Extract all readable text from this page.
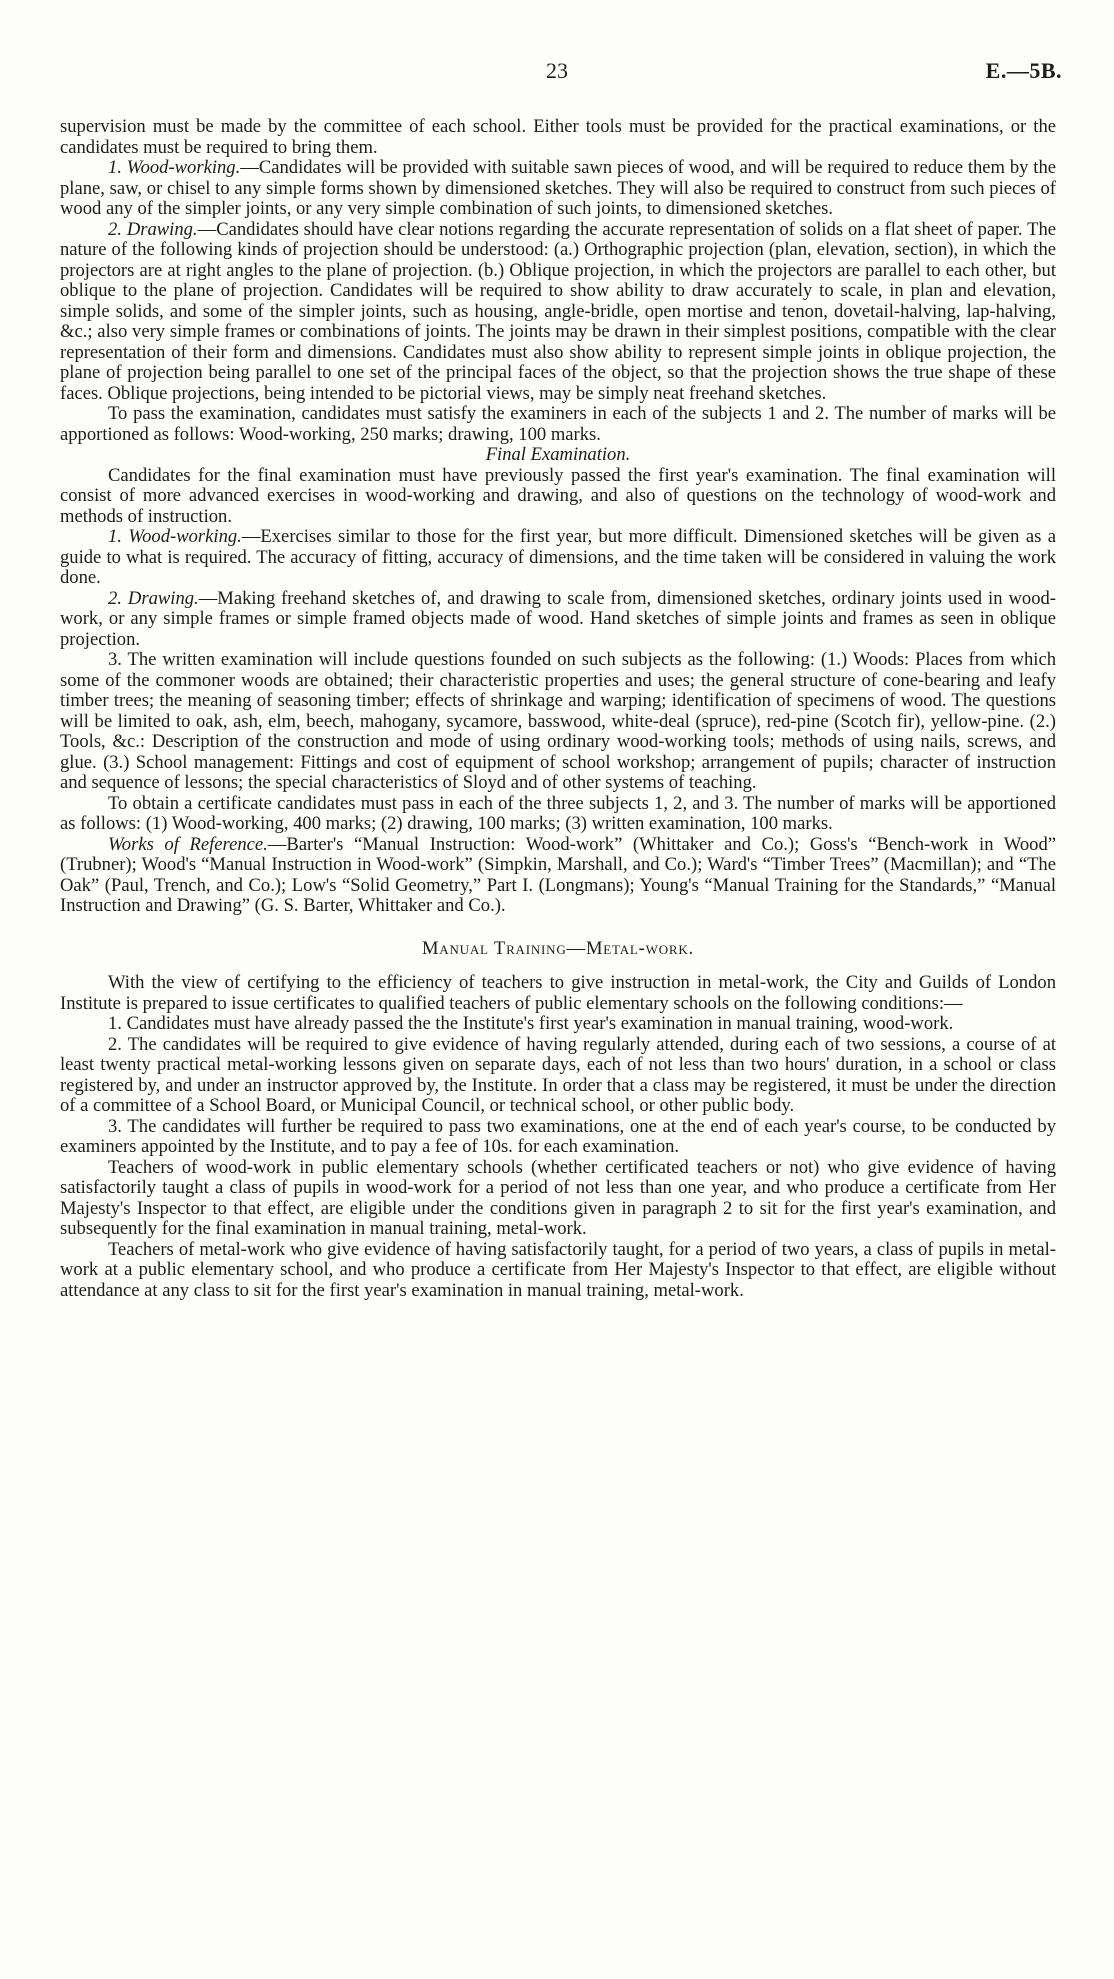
23	E.—5B.

supervision must be made by the committee of each school. Either tools must be provided for the practical examinations, or the candidates must be required to bring them.

1. Wood-working.—Candidates will be provided with suitable sawn pieces of wood, and will be required to reduce them by the plane, saw, or chisel to any simple forms shown by dimensioned sketches. They will also be required to construct from such pieces of wood any of the simpler joints, or any very simple combination of such joints, to dimensioned sketches.

2. Drawing.—Candidates should have clear notions regarding the accurate representation of solids on a flat sheet of paper. The nature of the following kinds of projection should be understood: (a.) Orthographic projection (plan, elevation, section), in which the projectors are at right angles to the plane of projection. (b.) Oblique projection, in which the projectors are parallel to each other, but oblique to the plane of projection. Candidates will be required to show ability to draw accurately to scale, in plan and elevation, simple solids, and some of the simpler joints, such as housing, angle-bridle, open mortise and tenon, dovetail-halving, lap-halving, &c.; also very simple frames or combinations of joints. The joints may be drawn in their simplest positions, compatible with the clear representation of their form and dimensions. Candidates must also show ability to represent simple joints in oblique projection, the plane of projection being parallel to one set of the principal faces of the object, so that the projection shows the true shape of these faces. Oblique projections, being intended to be pictorial views, may be simply neat freehand sketches.

To pass the examination, candidates must satisfy the examiners in each of the subjects 1 and 2. The number of marks will be apportioned as follows: Wood-working, 250 marks; drawing, 100 marks.

Final Examination.

Candidates for the final examination must have previously passed the first year's examination. The final examination will consist of more advanced exercises in wood-working and drawing, and also of questions on the technology of wood-work and methods of instruction.

1. Wood-working.—Exercises similar to those for the first year, but more difficult. Dimensioned sketches will be given as a guide to what is required. The accuracy of fitting, accuracy of dimensions, and the time taken will be considered in valuing the work done.

2. Drawing.—Making freehand sketches of, and drawing to scale from, dimensioned sketches, ordinary joints used in wood-work, or any simple frames or simple framed objects made of wood. Hand sketches of simple joints and frames as seen in oblique projection.

3. The written examination will include questions founded on such subjects as the following: (1.) Woods: Places from which some of the commoner woods are obtained; their characteristic properties and uses; the general structure of cone-bearing and leafy timber trees; the meaning of seasoning timber; effects of shrinkage and warping; identification of specimens of wood. The questions will be limited to oak, ash, elm, beech, mahogany, sycamore, basswood, white-deal (spruce), red-pine (Scotch fir), yellow-pine. (2.) Tools, &c.: Description of the construction and mode of using ordinary wood-working tools; methods of using nails, screws, and glue. (3.) School management: Fittings and cost of equipment of school workshop; arrangement of pupils; character of instruction and sequence of lessons; the special characteristics of Sloyd and of other systems of teaching.

To obtain a certificate candidates must pass in each of the three subjects 1, 2, and 3. The number of marks will be apportioned as follows: (1) Wood-working, 400 marks; (2) drawing, 100 marks; (3) written examination, 100 marks.

Works of Reference.—Barter's “Manual Instruction: Wood-work” (Whittaker and Co.); Goss's “Bench-work in Wood” (Trubner); Wood's “Manual Instruction in Wood-work” (Simpkin, Marshall, and Co.); Ward's “Timber Trees” (Macmillan); and “The Oak” (Paul, Trench, and Co.); Low's “Solid Geometry,” Part I. (Longmans); Young's “Manual Training for the Standards,” “Manual Instruction and Drawing” (G. S. Barter, Whittaker and Co.).

Manual Training—Metal-work.

With the view of certifying to the efficiency of teachers to give instruction in metal-work, the City and Guilds of London Institute is prepared to issue certificates to qualified teachers of public elementary schools on the following conditions:—

1. Candidates must have already passed the the Institute's first year's examination in manual training, wood-work.

2. The candidates will be required to give evidence of having regularly attended, during each of two sessions, a course of at least twenty practical metal-working lessons given on separate days, each of not less than two hours' duration, in a school or class registered by, and under an instructor approved by, the Institute. In order that a class may be registered, it must be under the direction of a committee of a School Board, or Municipal Council, or technical school, or other public body.

3. The candidates will further be required to pass two examinations, one at the end of each year's course, to be conducted by examiners appointed by the Institute, and to pay a fee of 10s. for each examination.

Teachers of wood-work in public elementary schools (whether certificated teachers or not) who give evidence of having satisfactorily taught a class of pupils in wood-work for a period of not less than one year, and who produce a certificate from Her Majesty's Inspector to that effect, are eligible under the conditions given in paragraph 2 to sit for the first year's examination, and subsequently for the final examination in manual training, metal-work.

Teachers of metal-work who give evidence of having satisfactorily taught, for a period of two years, a class of pupils in metal-work at a public elementary school, and who produce a certificate from Her Majesty's Inspector to that effect, are eligible without attendance at any class to sit for the first year's examination in manual training, metal-work.
